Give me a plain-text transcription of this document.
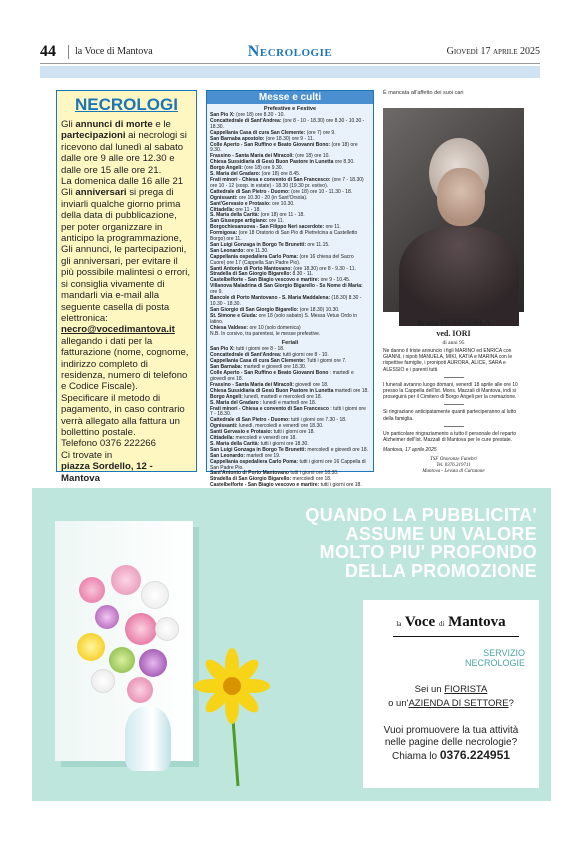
44 la Voce di Mantova	Necrologie	Giovedì 17 aprile 2025
NECROLOGI

Gli annunci di morte e le partecipazioni ai necrologi si ricevono dal lunedì al sabato dalle ore 9 alle ore 12.30 e dalle ore 15 alle ore 21.

La domenica dalle 16 alle 21

Gli anniversari si prega di inviarli qualche giorno prima della data di pubblicazione, per poter organizzare in anticipo la programmazione,

Gli annunci, le partecipazioni, gli anniversari, per evitare il più possibile malintesi o errori, si consiglia vivamente di mandarli via e-mail alla seguente casella di posta elettronica:

necro@vocedimantova.it

allegando i dati per la fatturazione (nome, cognome, indirizzo completo di residenza, numero di telefono e Codice Fiscale).

Specificare il metodo di pagamento, in caso contrario verrà allegato alla fattura un bollettino postale.

Telefono 0376 222266

Ci trovate in

piazza Sordello, 12 - Mantova

Messe e culti
Prefestive e Festive
San Pio X: (ore 18) ore 8.30 - 10.
Concattedrale di Sant'Andrea: (ore 8 - 10 - 18.30) ore 8.30 - 10.30 - 18.30.
Cappellania Casa di cura San Clemente: (ore 7) ore 9.
San Barnaba apostolo: (ore 18.30) ore 9 - 11.
Colle Aperto - San Ruffino e Beato Giovanni Bono: (ore 18) ore 9.30.
Frassino - Santa Maria dei Miracoli: (ore 18) ore 10.
Chiesa Sussidiaria di Gesù Buon Pastore in Lunetta ore 8.30.
Borgo Angeli: (ore 18) ore 9.30.
S. Maria del Gradaro: (ore 18) ore 8.45.
Frati minori - Chiesa e convento di San Francesco: (ore 7 - 18.30) ore 10 - 12 (sosp. in estate) - 18.30 (19.30 pr. estivo).
Cattedrale di San Pietro - Duomo: (ore 18) ore 10 - 11.30 - 18.
Ognissanti: ore 10.30 - 20 (in Sant'Orsola).
Sant'Gervasio e Protasio: ore 10.30.
Cittadella: ore 11 - 18.
S. Maria della Carità: (ore 18) ore 11 - 18.
San Giuseppe artigiano: ore 11.
Borgochiesanuova - San Filippo Neri sacerdote: ore 11.
Formigosa: (ore 18 Oratorio di San Pio di Pietrelcina a Castelletto Borgo) ore 11.
San Luigi Gonzaga in Borgo Te Brunetti: ore 11.15.
San Leonardo: ore 11.30.
Cappellania ospedaliera Carlo Poma: (ore 16 chiesa del Sacro Cuore) ore 17 (Cappella San Padre Pio).
Santi Antonio di Porto Mantovano: (ore 18.30) ore 8 - 9.30 - 11.
Stradella di San Giorgio Bigarello: 8.30 - 11.
Castelbelforte - San Biagio vescovo e martire: ore 9 - 10.45.
Villanova Maladrina di San Giorgio Bigarello - Ss Nome di Maria: ore 9.
Bancole di Porto Mantovano - S. Maria Maddalena: (18.30) 8.30 - 10.30 - 18.30.
San Giorgio di San Giorgio Bigarello: (ore 18.30) 10.30.
St. Simone e Giuda: ore 18 (solo sabato) S. Messa Vetus Ordo in latino.
Chiesa Valdese: ore 10 (solo domenica)
N.B. In corsivo, tra parentesi, le messe prefestive.
Feriali
San Pio X: tutti i giorni ore 8 - 18.
Concattedrale di Sant'Andrea: tutti giorni ore 8 - 10.
Cappellania Casa di cura San Clemente: Tutti i giorni ore 7.
San Barnaba: martedì e giovedì ore 18.30.
Colle Aperto - San Ruffino e Beato Giovanni Bono : martedì e giovedì ore 18.
Frassino - Santa Maria dei Miracoli: giovedì ore 18.
Chiesa Sussidiaria di Gesù Buon Pastore in Lunetta martedì ore 18.
Borgo Angeli: lunedì, martedì e mercoledì ore 18.
S. Maria del Gradaro : lunedì e martedì ore 18.
Frati minori - Chiesa e convento di San Francesco : tutti i giorni ore 7 - 18.30.
Cattedrale di San Pietro - Duomo: tutti i giorni ore 7.30 - 18.
Ognissanti: lunedì, mercoledì e venerdì ore 18.30.
Santi Gervasio e Protasio: tutti i giorni ore 18.
Cittadella: mercoledì e venerdì ore 18.
S. Maria della Carità: tutti i giorni ore 18.30.
San Luigi Gonzaga in Borgo Te Brunetti: mercoledì e giovedì ore 18.
San Leonardo: martedì ore 19.
Cappellania ospedaliera Carlo Poma: tutti i giorni ore 16 Cappella di San Padre Pio.
Sant'Antonio di Porto Mantovano tutti i giorni ore 18.30.
Stradella di San Giorgio Bigarello: mercoledì ore 18.
Castelbelforte - San Biagio vescovo e martire: tutti i giorni ore 18.
È mancata all'affetto dei suoi cari
Bruna SGANZERLA
ved. IORI
di anni 95

Ne danno il triste annuncio i figli MARINO ed ENRICA con GIANNI, i nipoti MANUELA, MIKI, KATIA e MARINA con le rispettive famiglie, i pronipoti AURORA, ALICE, SARA e ALESSIO e i parenti tutti.

I funerali avranno luogo domani, venerdì 18 aprile alle ore 10 presso la Cappella dell'Ist. Mons. Mazzali di Mantova, indi si proseguirà per il Cimitero di Borgo Angeli per la cremazione.

Si ringraziano anticipatamente quanti parteciperanno al lutto della famiglia.

Un particolare ringraziamento a tutto il personale del reparto Alzheimer dell'Ist. Mazzali di Mantova per le cure prestate.

Mantova, 17 aprile 2025

TSF Onoranze Funebri
Tel. 0376.319711
Mantova - Levata di Curtatone
QUANDO LA PUBBLICITA'
ASSUME UN VALORE
MOLTO PIU' PROFONDO
DELLA PROMOZIONE
la Voce di Mantova
SERVIZIO
NECROLOGIE
Sei un FIORISTA
o un'AZIENDA DI SETTORE?
Vuoi promuovere la tua attività
nelle pagine delle necrologie?
Chiama lo 0376.224951
